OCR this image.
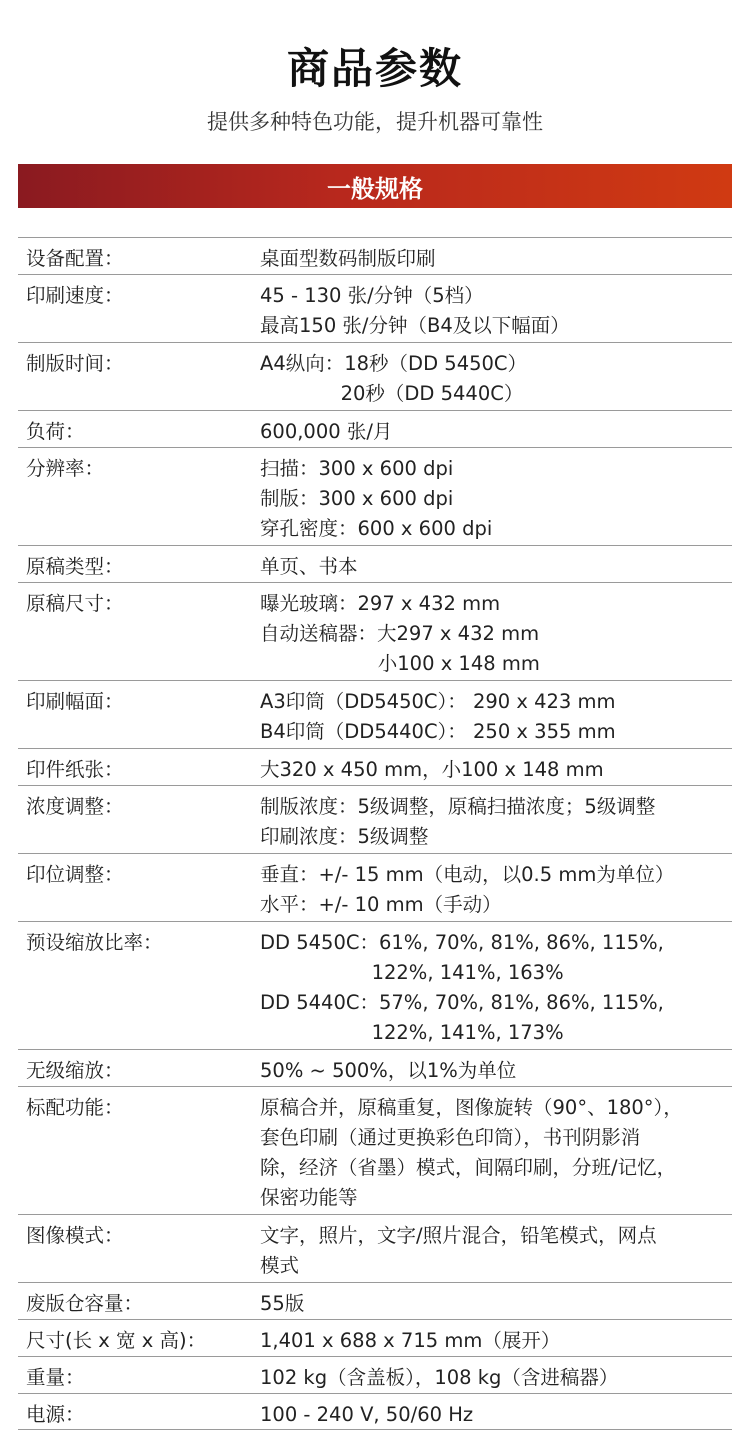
商品参数
提供多种特色功能，提升机器可靠性
一般规格
设备配置：	桌面型数码制版印刷
印刷速度：	45 - 130 张/分钟（5档）
最高150 张/分钟（B4及以下幅面）
制版时间：	A4纵向：18秒（DD 5450C）
20秒（DD 5440C）
负荷：	600,000 张/月
分辨率：	扫描：300 x 600 dpi
制版：300 x 600 dpi
穿孔密度：600 x 600 dpi
原稿类型：	单页、书本
原稿尺寸：	曝光玻璃：297 x 432 mm
自动送稿器：大297 x 432 mm
小100 x 148 mm
印刷幅面：	A3印筒（DD5450C）： 290 x 423 mm
B4印筒（DD5440C）： 250 x 355 mm
印件纸张：	大320 x 450 mm，小100 x 148 mm
浓度调整：	制版浓度：5级调整，原稿扫描浓度；5级调整
印刷浓度：5级调整
印位调整：	垂直：+/- 15 mm（电动，以0.5 mm为单位）
水平：+/- 10 mm（手动）
预设缩放比率：	DD 5450C：61%, 70%, 81%, 86%, 115%,
122%, 141%, 163%
DD 5440C：57%, 70%, 81%, 86%, 115%,
122%, 141%, 173%
无级缩放：	50% ~ 500%，以1%为单位
标配功能：	原稿合并，原稿重复，图像旋转（90°、180°），
套色印刷（通过更换彩色印筒），书刊阴影消
除，经济（省墨）模式，间隔印刷，分班/记忆，
保密功能等
图像模式：	文字，照片，文字/照片混合，铅笔模式，网点
模式
废版仓容量：	55版
尺寸(长 x 宽 x 高)：	1,401 x 688 x 715 mm（展开）
重量：	102 kg（含盖板），108 kg（含进稿器）
电源：	100 - 240 V, 50/60 Hz
